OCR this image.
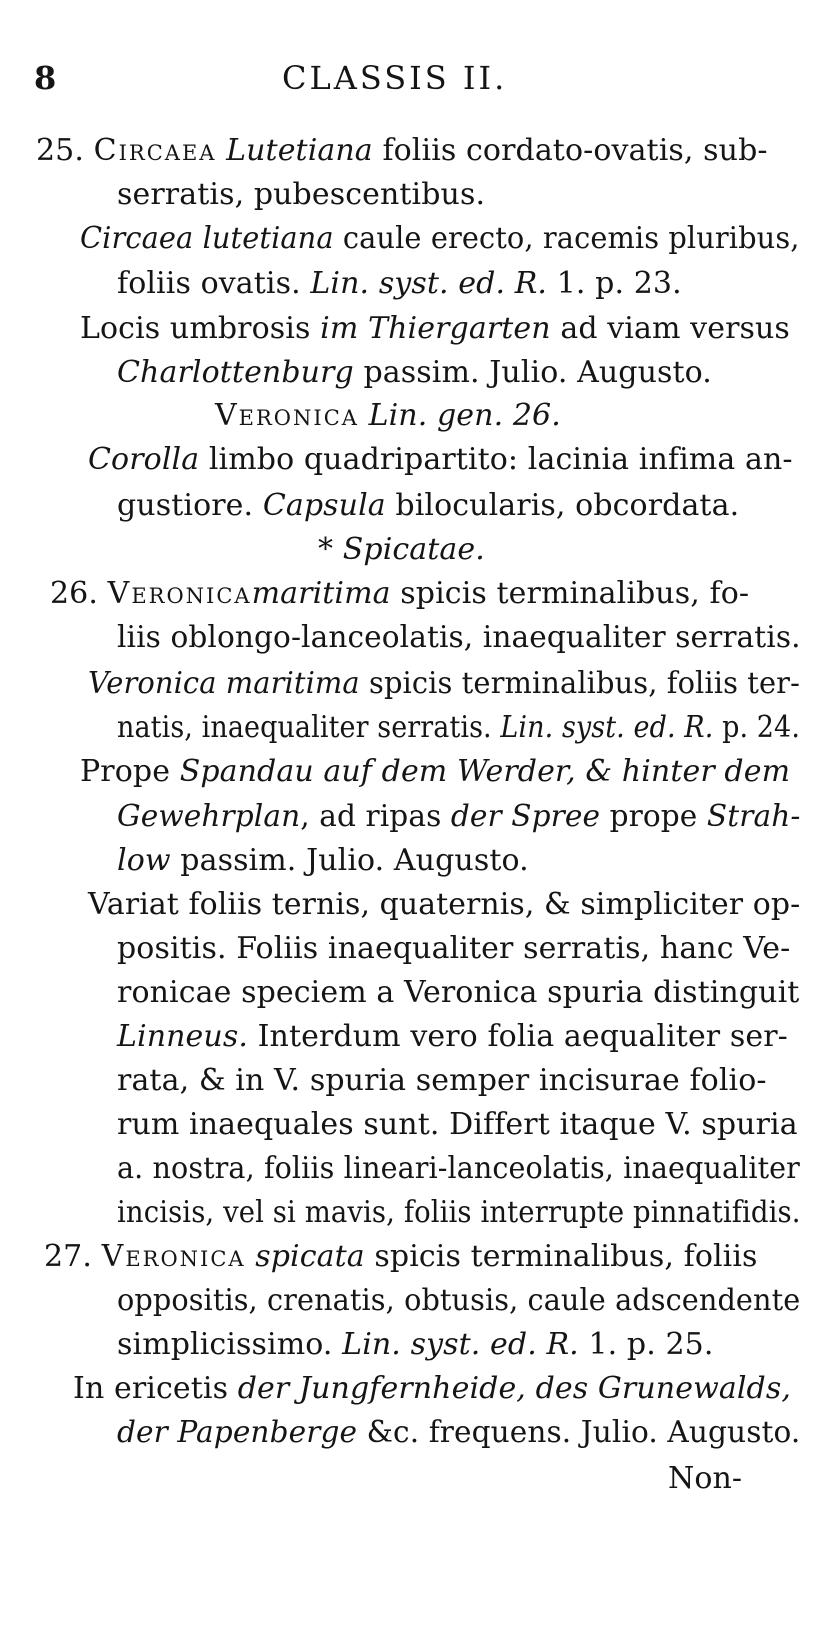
8	CLASSIS II.
25. Circaea Lutetiana foliis cordato-ovatis, sub-
serratis, pubescentibus.
Circaea lutetiana caule erecto, racemis pluribus,
foliis ovatis. Lin. syst. ed. R. 1. p. 23.
Locis umbrosis im Thiergarten ad viam versus
Charlottenburg passim. Julio. Augusto.
Veronica Lin. gen. 26.
Corolla limbo quadripartito: lacinia infima an-
gustiore. Capsula bilocularis, obcordata.
* Spicatae.
26. Veronicamaritima spicis terminalibus, fo-
liis oblongo-lanceolatis, inaequaliter serratis.
Veronica maritima spicis terminalibus, foliis ter-
natis, inaequaliter serratis. Lin. syst. ed. R. p. 24.
Prope Spandau auf dem Werder, & hinter dem
Gewehrplan, ad ripas der Spree prope Strah-
low passim. Julio. Augusto.
Variat foliis ternis, quaternis, & simpliciter op-
positis. Foliis inaequaliter serratis, hanc Ve-
ronicae speciem a Veronica spuria distinguit
Linneus. Interdum vero folia aequaliter ser-
rata, & in V. spuria semper incisurae folio-
rum inaequales sunt. Differt itaque V. spuria
a. nostra, foliis lineari-lanceolatis, inaequaliter
incisis, vel si mavis, foliis interrupte pinnatifidis.
27. Veronica spicata spicis terminalibus, foliis
oppositis, crenatis, obtusis, caule adscendente
simplicissimo. Lin. syst. ed. R. 1. p. 25.
In ericetis der Jungfernheide, des Grunewalds,
der Papenberge &c. frequens. Julio. Augusto.
Non-
